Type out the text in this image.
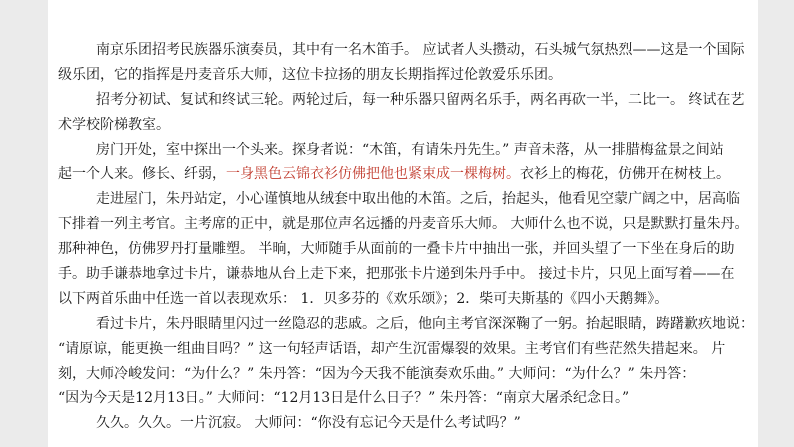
南京乐团招考民族器乐演奏员，其中有一名木笛手。 应试者人头攒动，石头城气氛热烈——这是一个国际
级乐团，它的指挥是丹麦音乐大师，这位卡拉扬的朋友长期指挥过伦敦爱乐乐团。
招考分初试、复试和终试三轮。两轮过后，每一种乐器只留两名乐手，两名再砍一半，二比一。 终试在艺
术学校阶梯教室。
房门开处，室中探出一个头来。探身者说：“木笛，有请朱丹先生。” 声音未落，从一排腊梅盆景之间站
起一个人来。修长、纤弱，一身黑色云锦衣衫仿佛把他也紧束成一棵梅树。衣衫上的梅花，仿佛开在树枝上。
走进屋门，朱丹站定，小心谨慎地从绒套中取出他的木笛。之后，抬起头，他看见空蒙广阔之中，居高临
下排着一列主考官。主考席的正中，就是那位声名远播的丹麦音乐大师。 大师什么也不说，只是默默打量朱丹。
那种神色，仿佛罗丹打量雕塑。 半晌，大师随手从面前的一叠卡片中抽出一张，并回头望了一下坐在身后的助
手。助手谦恭地拿过卡片，谦恭地从台上走下来，把那张卡片递到朱丹手中。 接过卡片，只见上面写着——在
以下两首乐曲中任选一首以表现欢乐： 1．贝多芬的《欢乐颂》；2．柴可夫斯基的《四小天鹅舞》。
看过卡片，朱丹眼睛里闪过一丝隐忍的悲戚。之后，他向主考官深深鞠了一躬。抬起眼睛，踌躇歉疚地说：
“请原谅，能更换一组曲目吗？” 这一句轻声话语，却产生沉雷爆裂的效果。主考官们有些茫然失措起来。 片
刻，大师冷峻发问：“为什么？” 朱丹答：“因为今天我不能演奏欢乐曲。” 大师问：“为什么？” 朱丹答：
“因为今天是12月13日。” 大师问：“12月13日是什么日子？” 朱丹答：“南京大屠杀纪念日。”
久久。久久。一片沉寂。 大师问：“你没有忘记今天是什么考试吗？”
